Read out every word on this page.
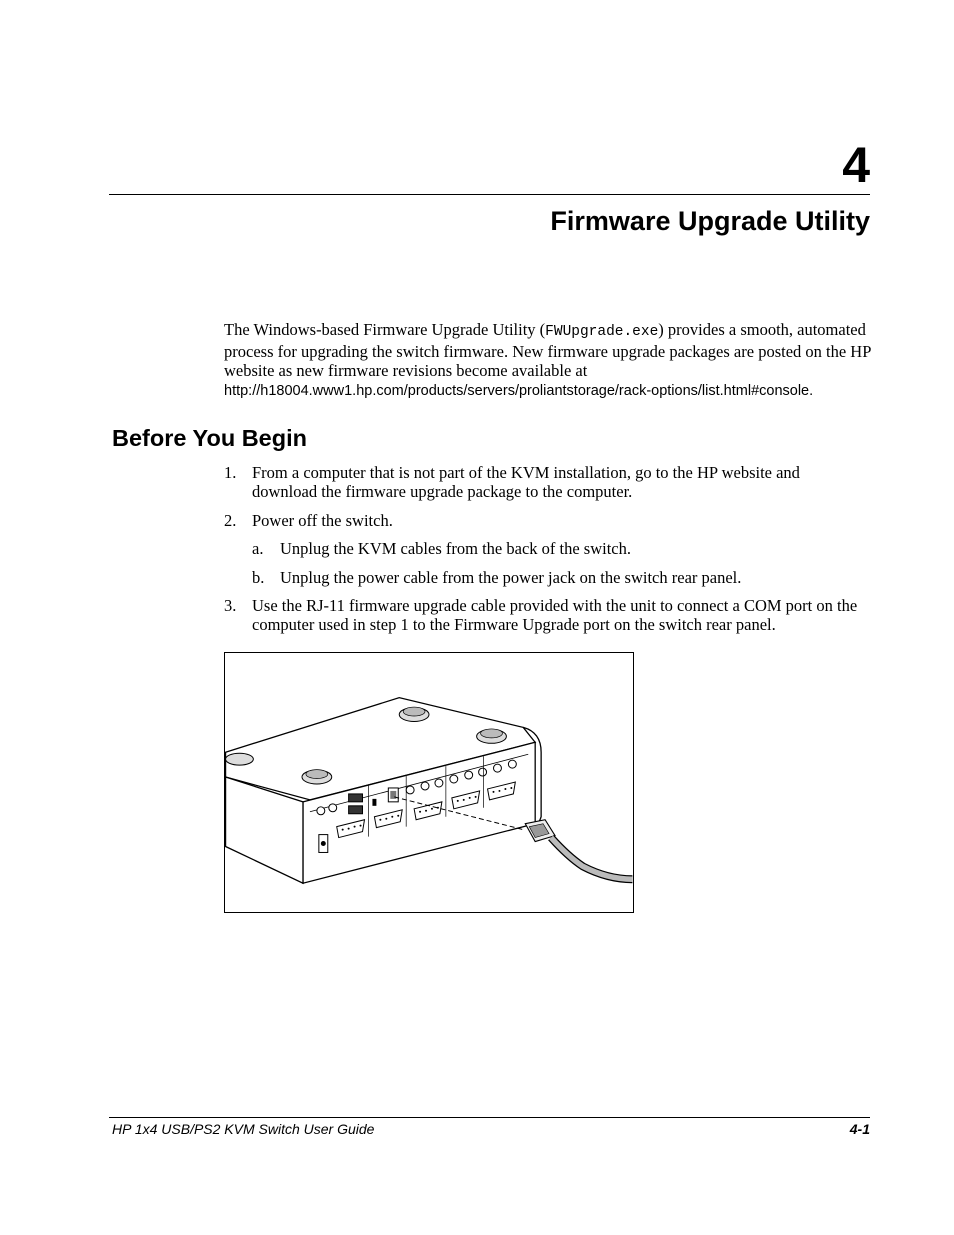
4
Firmware Upgrade Utility
The Windows-based Firmware Upgrade Utility (FWUpgrade.exe) provides a smooth, automated process for upgrading the switch firmware. New firmware upgrade packages are posted on the HP website as new firmware revisions become available at
http://h18004.www1.hp.com/products/servers/proliantstorage/rack-options/list.html#console.
Before You Begin
1. From a computer that is not part of the KVM installation, go to the HP website and download the firmware upgrade package to the computer.
2. Power off the switch.
a. Unplug the KVM cables from the back of the switch.
b. Unplug the power cable from the power jack on the switch rear panel.
3. Use the RJ-11 firmware upgrade cable provided with the unit to connect a COM port on the computer used in step 1 to the Firmware Upgrade port on the switch rear panel.
HP 1x4 USB/PS2 KVM Switch User Guide	4-1
